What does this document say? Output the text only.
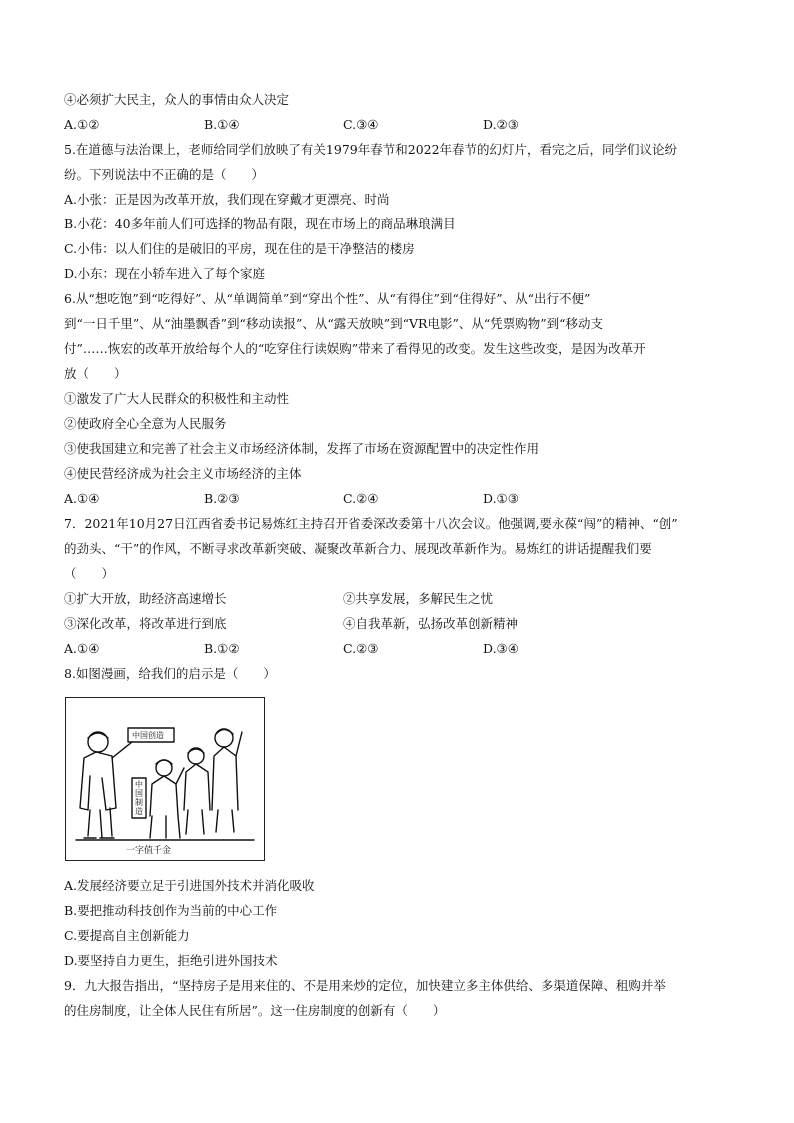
④必须扩大民主，众人的事情由众人决定
A.①②	B.①④	C.③④	D.②③
5.在道德与法治课上，老师给同学们放映了有关1979年春节和2022年春节的幻灯片，看完之后，同学们议论纷
纷。下列说法中不正确的是（　　）
A.小张：正是因为改革开放，我们现在穿戴才更漂亮、时尚
B.小花：40多年前人们可选择的物品有限，现在市场上的商品琳琅满目
C.小伟：以人们住的是破旧的平房，现在住的是干净整洁的楼房
D.小东：现在小轿车进入了每个家庭
6.从“想吃饱”到“吃得好”、从“单调简单”到“穿出个性”、从“有得住”到“住得好”、从“出行不便”
到“一日千里”、从“油墨飘香”到“移动读报”、从“露天放映”到“VR电影”、从“凭票购物”到“移动支
付”……恢宏的改革开放给每个人的“吃穿住行读娱购”带来了看得见的改变。发生这些改变，是因为改革开
放（　　）
①激发了广大人民群众的积极性和主动性
②使政府全心全意为人民服务
③使我国建立和完善了社会主义市场经济体制，发挥了市场在资源配置中的决定性作用
④使民营经济成为社会主义市场经济的主体
A.①④	B.②③	C.②④	D.①③
7．2021年10月27日江西省委书记易炼红主持召开省委深改委第十八次会议。他强调,要永葆“闯”的精神、“创”
的劲头、“干”的作风，不断寻求改革新突破、凝聚改革新合力、展现改革新作为。易炼红的讲话提醒我们要
（　　）
①扩大开放，助经济高速增长	②共享发展，多解民生之忧
③深化改革，将改革进行到底	④自我革新，弘扬改革创新精神
A.①④	B.①②	C.②③	D.③④
8.如图漫画，给我们的启示是（　　）
中国创造
中国制造
一字值千金
A.发展经济要立足于引进国外技术并消化吸收
B.要把推动科技创作为当前的中心工作
C.要提高自主创新能力
D.要坚持自力更生，拒绝引进外国技术
9．九大报告指出，“坚持房子是用来住的、不是用来炒的定位，加快建立多主体供给、多渠道保障、租购并举
的住房制度，让全体人民住有所居”。这一住房制度的创新有（　　）
